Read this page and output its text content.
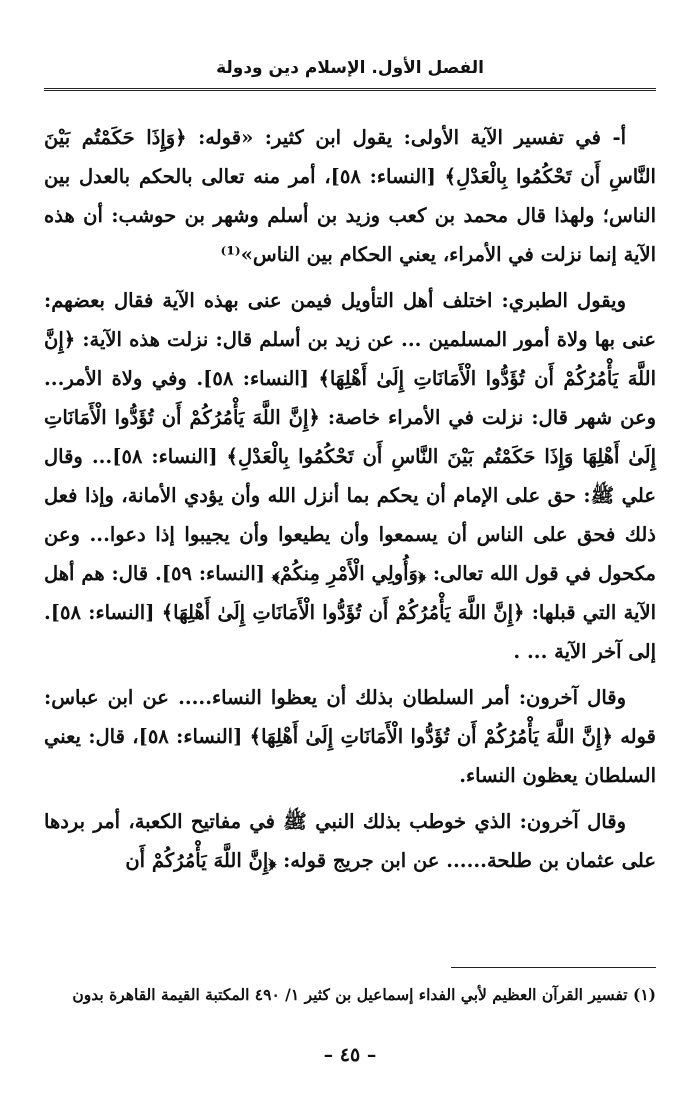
الفصل الأول. الإسلام دين ودولة

أ- في تفسير الآية الأولى: يقول ابن كثير: «قوله: ﴿وَإِذَا حَكَمْتُم بَيْنَ النَّاسِ أَن تَحْكُمُوا بِالْعَدْلِ﴾ [النساء: ٥٨]، أمر منه تعالى بالحكم بالعدل بين الناس؛ ولهذا قال محمد بن كعب وزيد بن أسلم وشهر بن حوشب: أن هذه الآية إنما نزلت في الأمراء، يعني الحكام بين الناس»⁽¹⁾

ويقول الطبري: اختلف أهل التأويل فيمن عنى بهذه الآية فقال بعضهم: عنى بها ولاة أمور المسلمين ... عن زيد بن أسلم قال: نزلت هذه الآية: ﴿إِنَّ اللَّهَ يَأْمُرُكُمْ أَن تُؤَدُّوا الْأَمَانَاتِ إِلَىٰ أَهْلِهَا﴾ [النساء: ٥٨]. وفي ولاة الأمر... وعن شهر قال: نزلت في الأمراء خاصة: ﴿إِنَّ اللَّهَ يَأْمُرُكُمْ أَن تُؤَدُّوا الْأَمَانَاتِ إِلَىٰ أَهْلِهَا وَإِذَا حَكَمْتُم بَيْنَ النَّاسِ أَن تَحْكُمُوا بِالْعَدْلِ﴾ [النساء: ٥٨]... وقال علي ﷺ: حق على الإمام أن يحكم بما أنزل الله وأن يؤدي الأمانة، وإذا فعل ذلك فحق على الناس أن يسمعوا وأن يطيعوا وأن يجيبوا إذا دعوا... وعن مكحول في قول الله تعالى: ﴿وَأُولِي الْأَمْرِ مِنكُمْ﴾ [النساء: ٥٩]. قال: هم أهل الآية التي قبلها: ﴿إِنَّ اللَّهَ يَأْمُرُكُمْ أَن تُؤَدُّوا الْأَمَانَاتِ إِلَىٰ أَهْلِهَا﴾ [النساء: ٥٨]. إلى آخر الآية ... .

وقال آخرون: أمر السلطان بذلك أن يعظوا النساء..... عن ابن عباس: قوله ﴿إِنَّ اللَّهَ يَأْمُرُكُمْ أَن تُؤَدُّوا الْأَمَانَاتِ إِلَىٰ أَهْلِهَا﴾ [النساء: ٥٨]، قال: يعني السلطان يعظون النساء.

وقال آخرون: الذي خوطب بذلك النبي ﷺ في مفاتيح الكعبة، أمر بردها على عثمان بن طلحة...... عن ابن جريج قوله: ﴿إِنَّ اللَّهَ يَأْمُرُكُمْ أَن

(١) تفسير القرآن العظيم لأبي الفداء إسماعيل بن كثير ١/ ٤٩٠ المكتبة القيمة القاهرة بدون
– ٤٥ –
